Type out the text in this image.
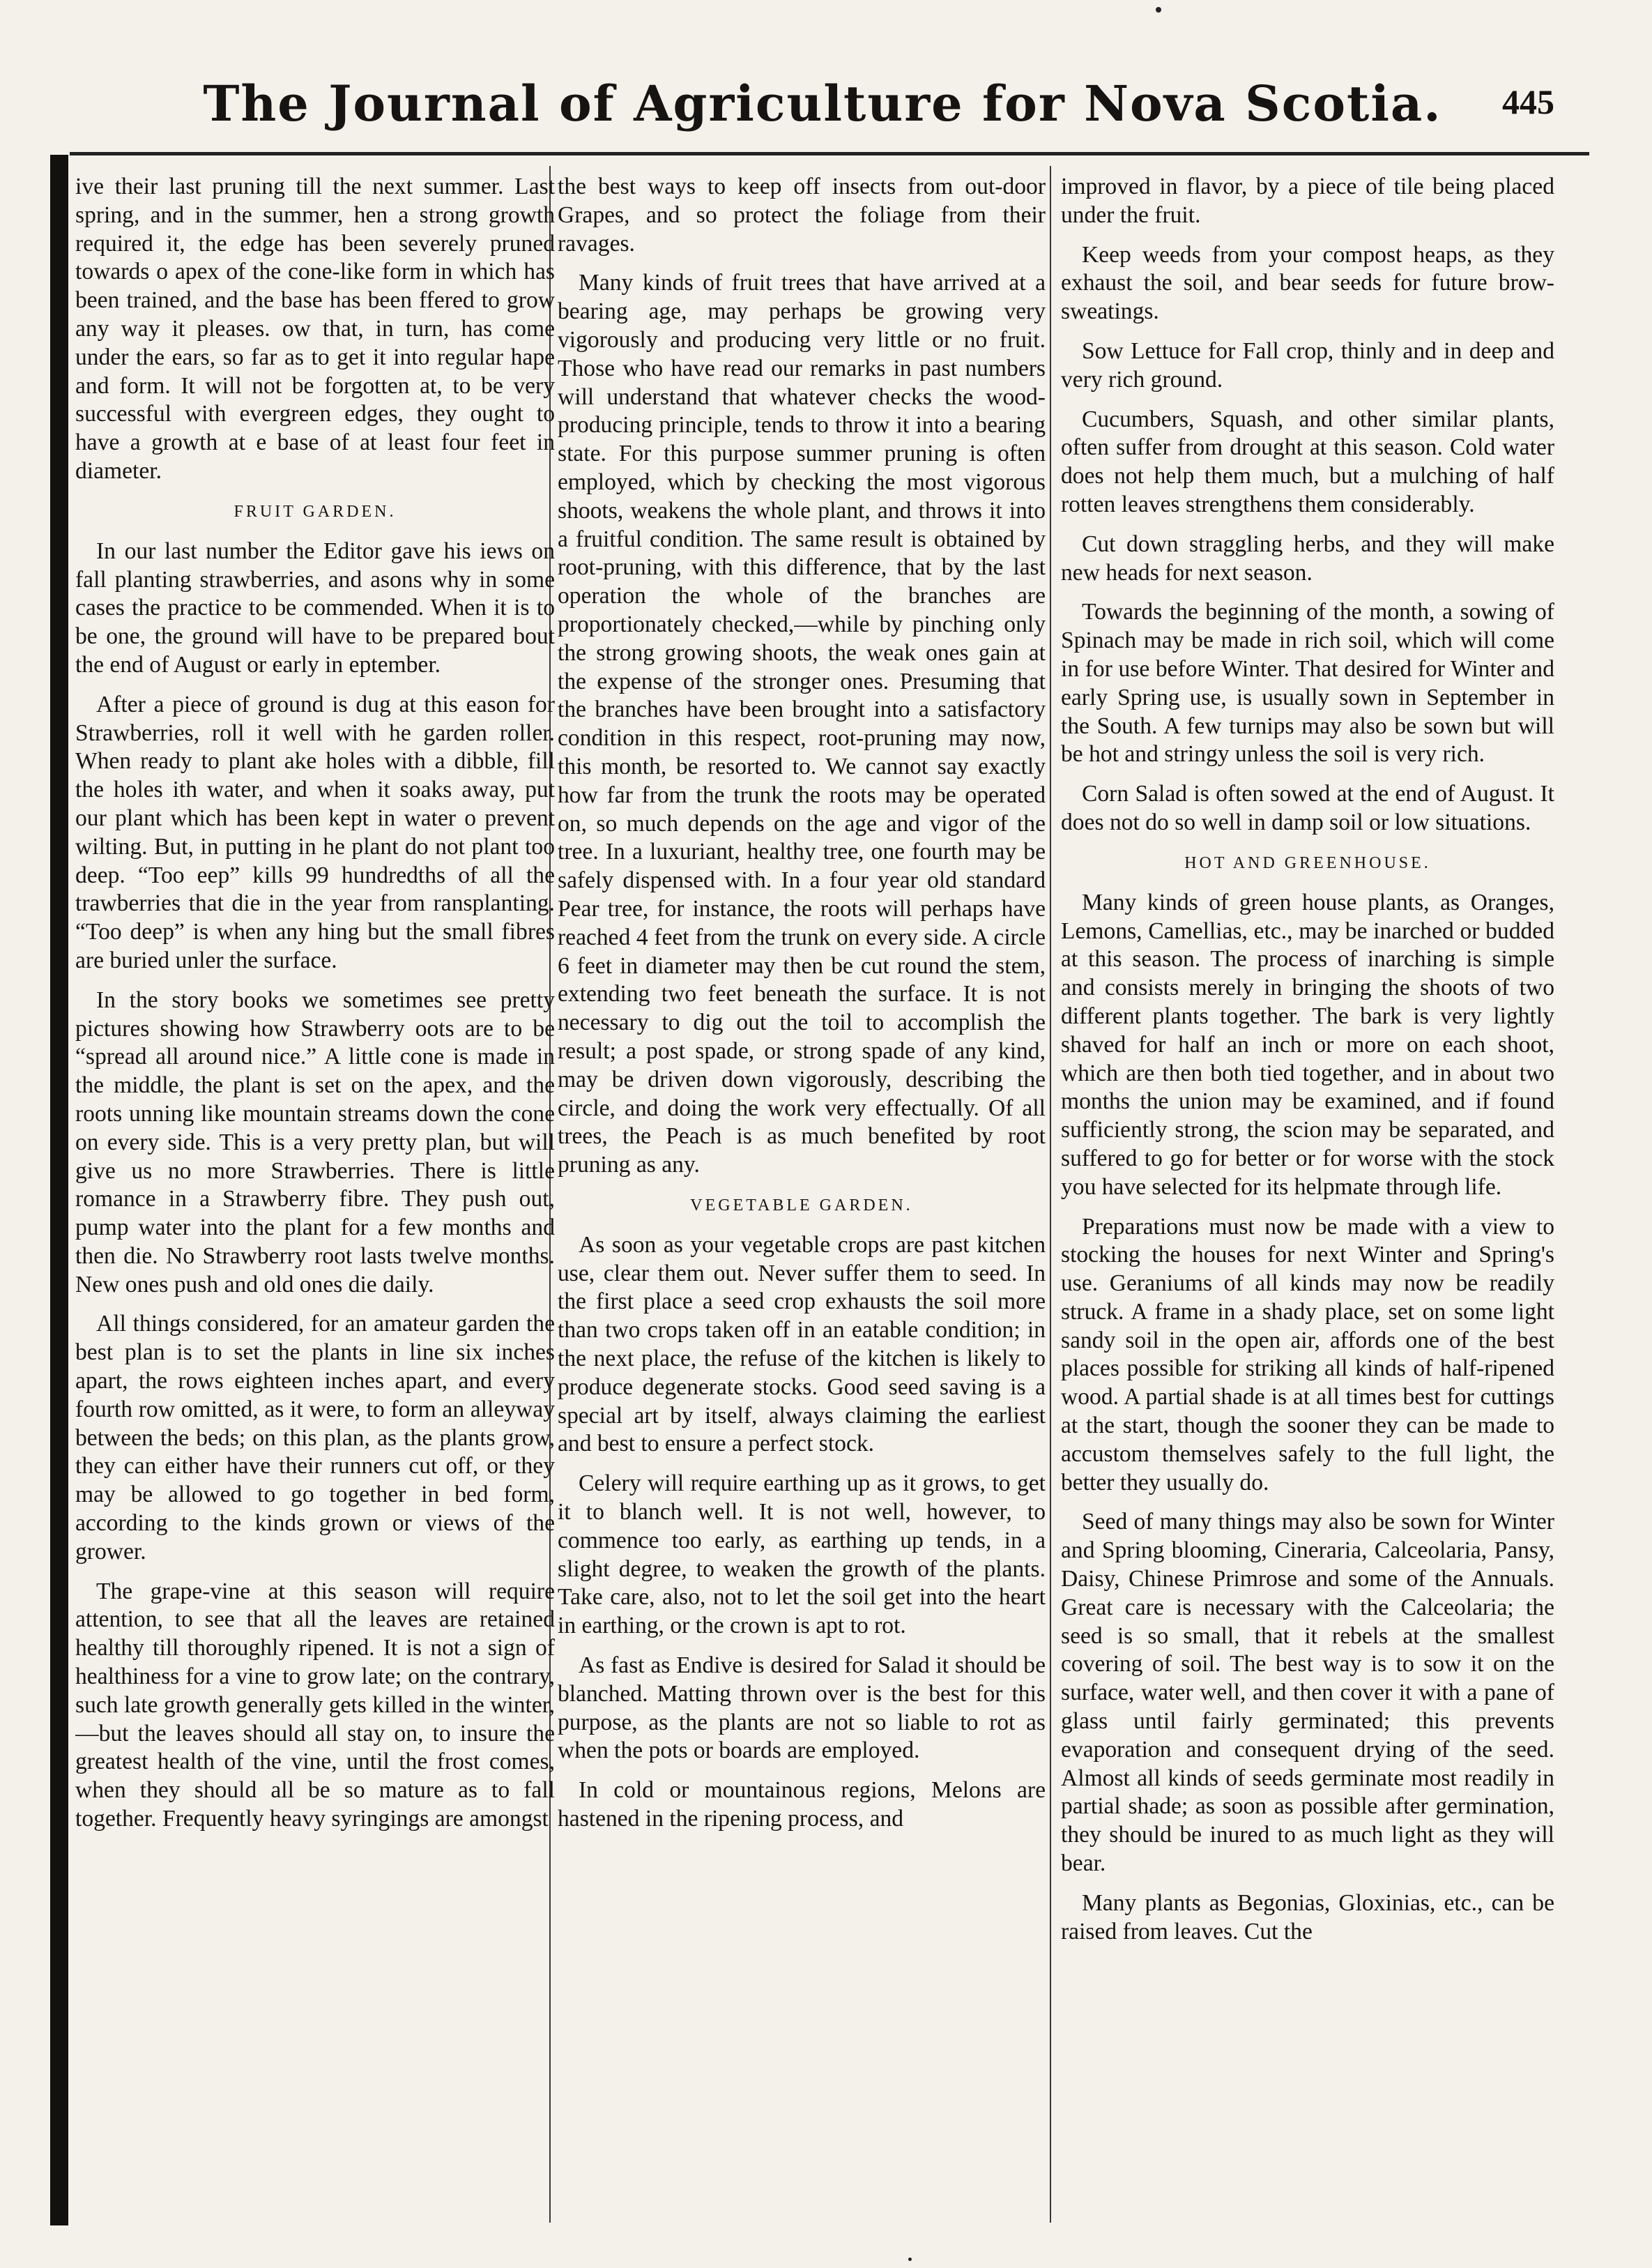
The Journal of Agriculture for Nova Scotia.	445

ive their last pruning till the next summer. Last spring, and in the summer, hen a strong growth required it, the edge has been severely pruned towards o apex of the cone-like form in which has been trained, and the base has been ffered to grow any way it pleases. ow that, in turn, has come under the ears, so far as to get it into regular hape and form. It will not be forgotten at, to be very successful with evergreen edges, they ought to have a growth at e base of at least four feet in diameter.

FRUIT GARDEN.

In our last number the Editor gave his iews on fall planting strawberries, and asons why in some cases the practice to be commended. When it is to be one, the ground will have to be prepared bout the end of August or early in eptember.

After a piece of ground is dug at this eason for Strawberries, roll it well with he garden roller. When ready to plant ake holes with a dibble, fill the holes ith water, and when it soaks away, put our plant which has been kept in water o prevent wilting. But, in putting in he plant do not plant too deep. “Too eep” kills 99 hundredths of all the trawberries that die in the year from ransplanting. “Too deep” is when any hing but the small fibres are buried unler the surface.

In the story books we sometimes see pretty pictures showing how Strawberry oots are to be “spread all around nice.” A little cone is made in the middle, the plant is set on the apex, and the roots unning like mountain streams down the cone on every side. This is a very pretty plan, but will give us no more Strawberries. There is little romance in a Strawberry fibre. They push out, pump water into the plant for a few months and then die. No Strawberry root lasts twelve months. New ones push and old ones die daily.

All things considered, for an amateur garden the best plan is to set the plants in line six inches apart, the rows eighteen inches apart, and every fourth row omitted, as it were, to form an alleyway between the beds; on this plan, as the plants grow, they can either have their runners cut off, or they may be allowed to go together in bed form, according to the kinds grown or views of the grower.

The grape-vine at this season will require attention, to see that all the leaves are retained healthy till thoroughly ripened. It is not a sign of healthiness for a vine to grow late; on the contrary, such late growth generally gets killed in the winter,—but the leaves should all stay on, to insure the greatest health of the vine, until the frost comes, when they should all be so mature as to fall together. Frequently heavy syringings are amongst

the best ways to keep off insects from out-door Grapes, and so protect the foliage from their ravages.

Many kinds of fruit trees that have arrived at a bearing age, may perhaps be growing very vigorously and producing very little or no fruit. Those who have read our remarks in past numbers will understand that whatever checks the wood-producing principle, tends to throw it into a bearing state. For this purpose summer pruning is often employed, which by checking the most vigorous shoots, weakens the whole plant, and throws it into a fruitful condition. The same result is obtained by root-pruning, with this difference, that by the last operation the whole of the branches are proportionately checked,—while by pinching only the strong growing shoots, the weak ones gain at the expense of the stronger ones. Presuming that the branches have been brought into a satisfactory condition in this respect, root-pruning may now, this month, be resorted to. We cannot say exactly how far from the trunk the roots may be operated on, so much depends on the age and vigor of the tree. In a luxuriant, healthy tree, one fourth may be safely dispensed with. In a four year old standard Pear tree, for instance, the roots will perhaps have reached 4 feet from the trunk on every side. A circle 6 feet in diameter may then be cut round the stem, extending two feet beneath the surface. It is not necessary to dig out the toil to accomplish the result; a post spade, or strong spade of any kind, may be driven down vigorously, describing the circle, and doing the work very effectually. Of all trees, the Peach is as much benefited by root pruning as any.

VEGETABLE GARDEN.

As soon as your vegetable crops are past kitchen use, clear them out. Never suffer them to seed. In the first place a seed crop exhausts the soil more than two crops taken off in an eatable condition; in the next place, the refuse of the kitchen is likely to produce degenerate stocks. Good seed saving is a special art by itself, always claiming the earliest and best to ensure a perfect stock.

Celery will require earthing up as it grows, to get it to blanch well. It is not well, however, to commence too early, as earthing up tends, in a slight degree, to weaken the growth of the plants. Take care, also, not to let the soil get into the heart in earthing, or the crown is apt to rot.

As fast as Endive is desired for Salad it should be blanched. Matting thrown over is the best for this purpose, as the plants are not so liable to rot as when the pots or boards are employed.

In cold or mountainous regions, Melons are hastened in the ripening process, and

improved in flavor, by a piece of tile being placed under the fruit.

Keep weeds from your compost heaps, as they exhaust the soil, and bear seeds for future brow-sweatings.

Sow Lettuce for Fall crop, thinly and in deep and very rich ground.

Cucumbers, Squash, and other similar plants, often suffer from drought at this season. Cold water does not help them much, but a mulching of half rotten leaves strengthens them considerably.

Cut down straggling herbs, and they will make new heads for next season.

Towards the beginning of the month, a sowing of Spinach may be made in rich soil, which will come in for use before Winter. That desired for Winter and early Spring use, is usually sown in September in the South. A few turnips may also be sown but will be hot and stringy unless the soil is very rich.

Corn Salad is often sowed at the end of August. It does not do so well in damp soil or low situations.

HOT AND GREENHOUSE.

Many kinds of green house plants, as Oranges, Lemons, Camellias, etc., may be inarched or budded at this season. The process of inarching is simple and consists merely in bringing the shoots of two different plants together. The bark is very lightly shaved for half an inch or more on each shoot, which are then both tied together, and in about two months the union may be examined, and if found sufficiently strong, the scion may be separated, and suffered to go for better or for worse with the stock you have selected for its helpmate through life.

Preparations must now be made with a view to stocking the houses for next Winter and Spring's use. Geraniums of all kinds may now be readily struck. A frame in a shady place, set on some light sandy soil in the open air, affords one of the best places possible for striking all kinds of half-ripened wood. A partial shade is at all times best for cuttings at the start, though the sooner they can be made to accustom themselves safely to the full light, the better they usually do.

Seed of many things may also be sown for Winter and Spring blooming, Cineraria, Calceolaria, Pansy, Daisy, Chinese Primrose and some of the Annuals. Great care is necessary with the Calceolaria; the seed is so small, that it rebels at the smallest covering of soil. The best way is to sow it on the surface, water well, and then cover it with a pane of glass until fairly germinated; this prevents evaporation and consequent drying of the seed. Almost all kinds of seeds germinate most readily in partial shade; as soon as possible after germination, they should be inured to as much light as they will bear.

Many plants as Begonias, Gloxinias, etc., can be raised from leaves. Cut the
